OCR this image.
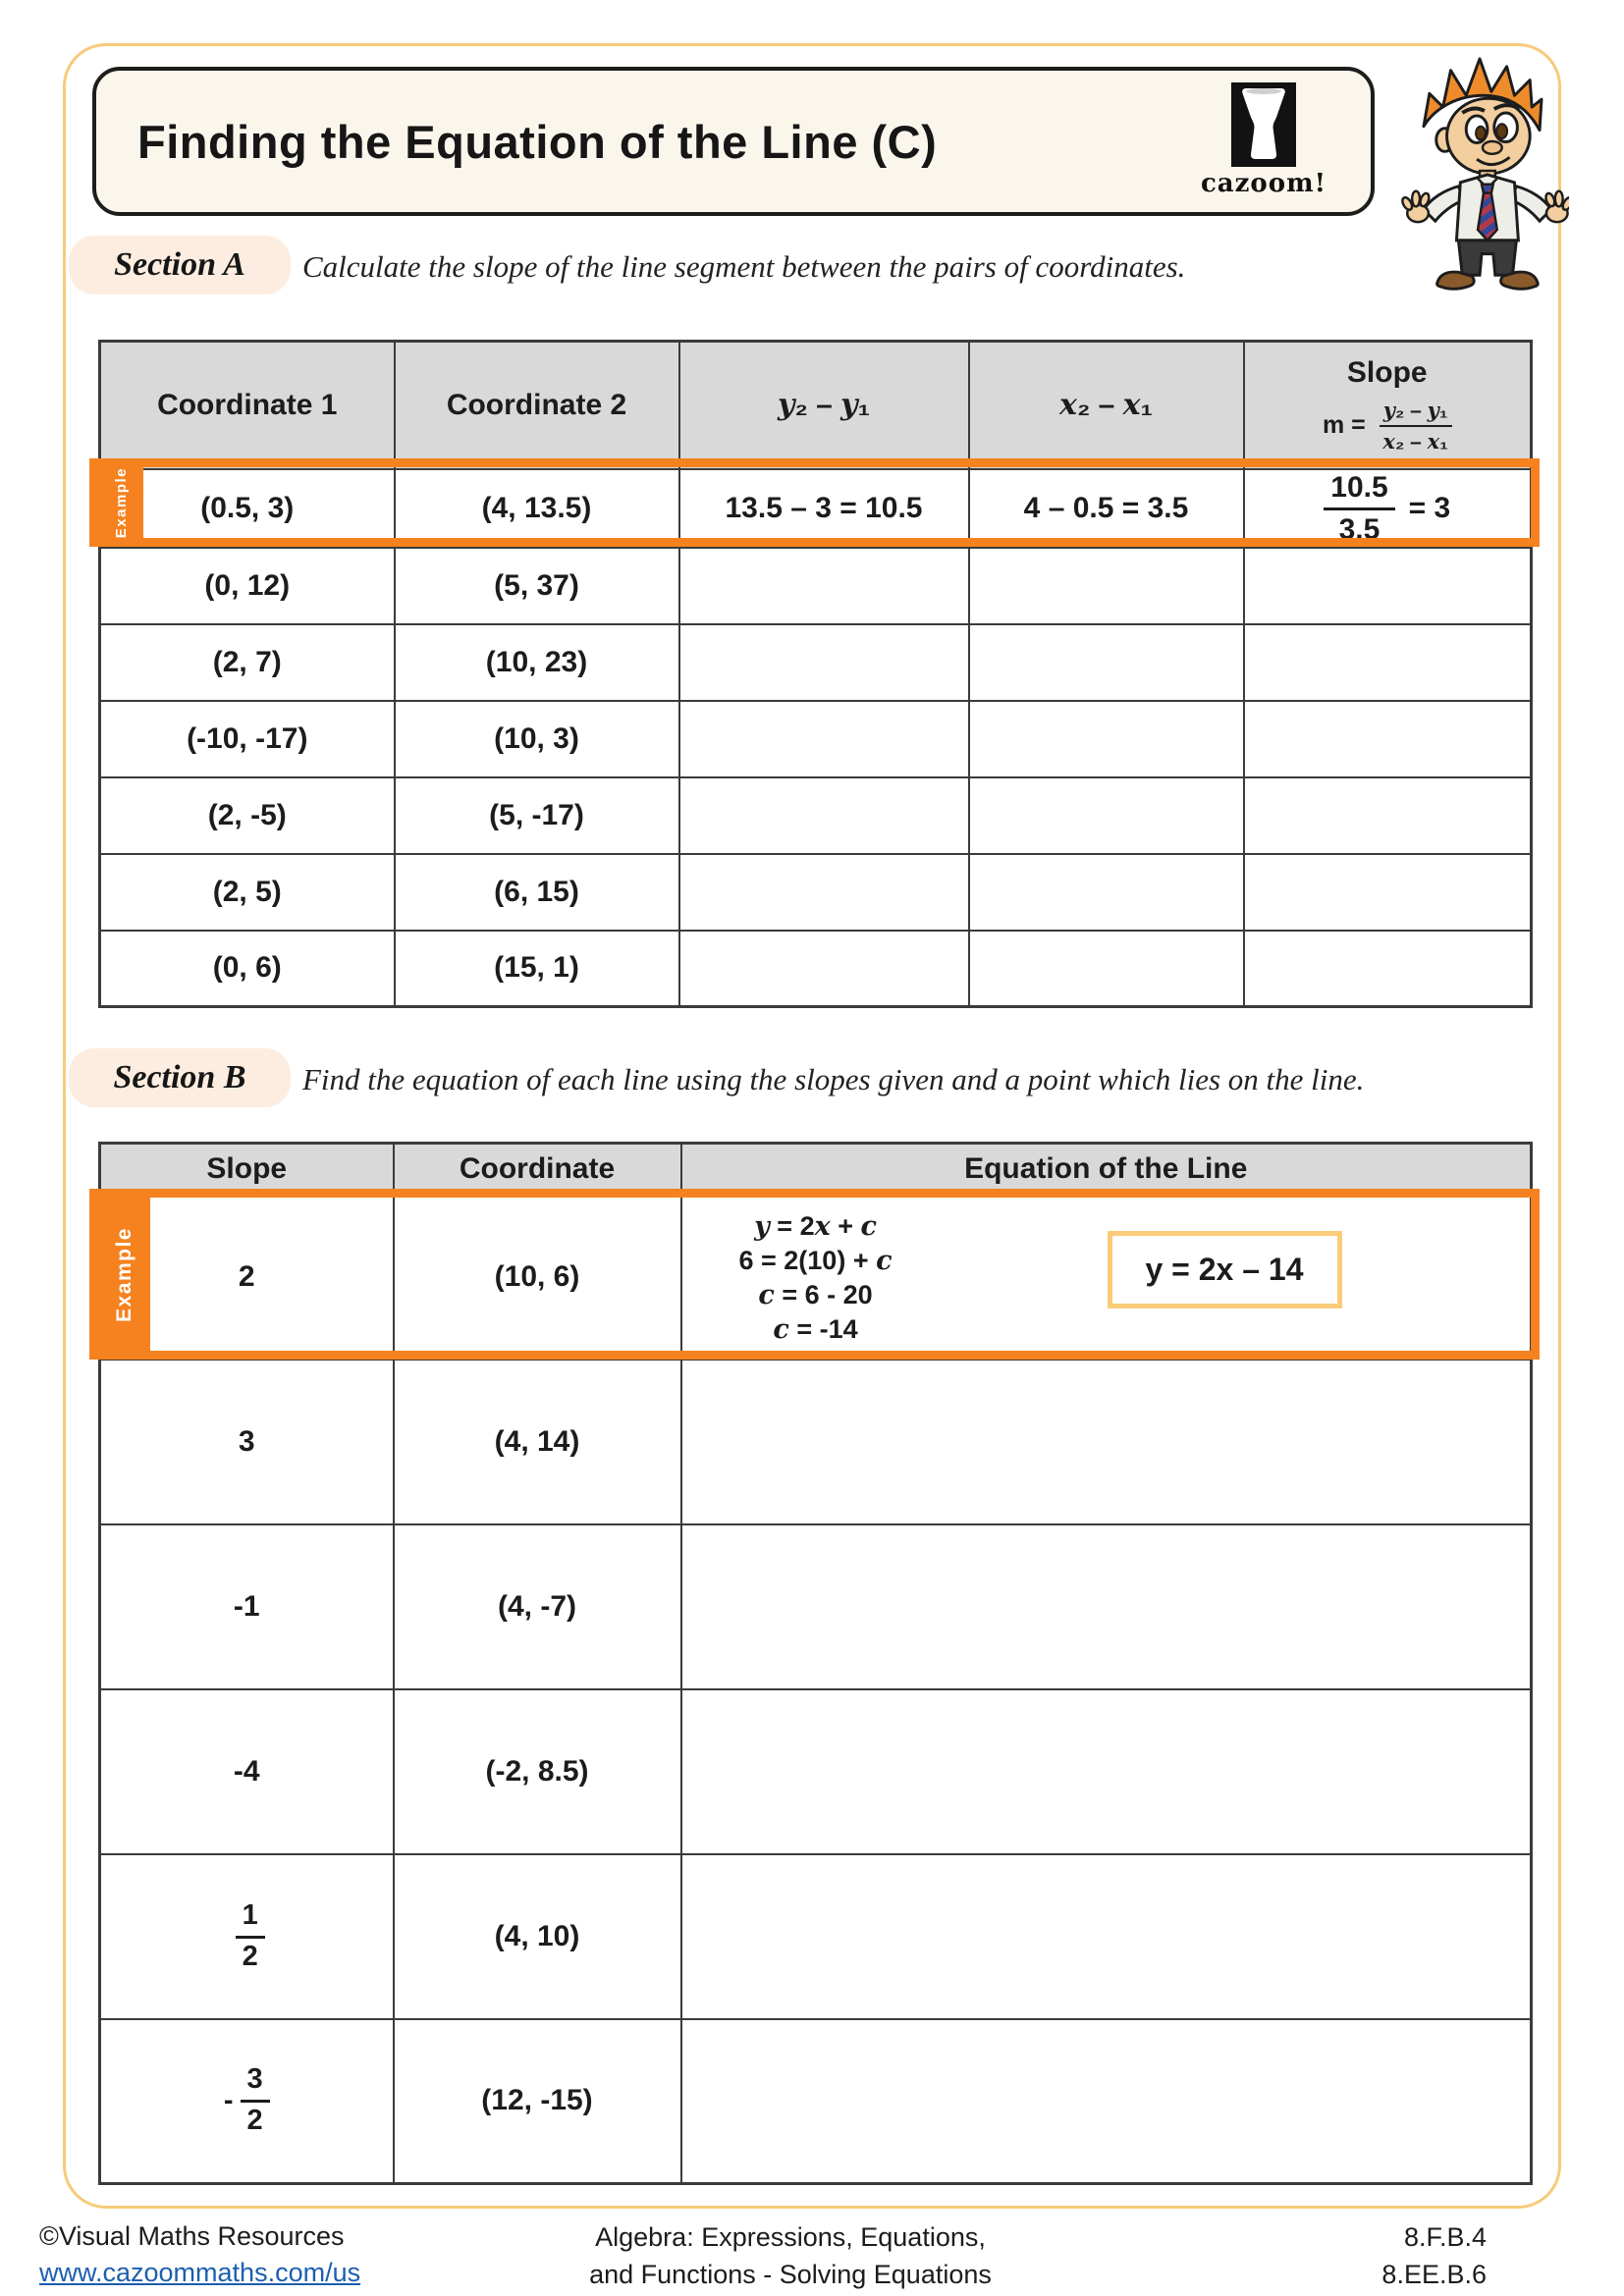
Finding the Equation of the Line (C)
cazoom!
Section A Calculate the slope of the line segment between the pairs of coordinates.
Coordinate 1	Coordinate 2	y₂ – y₁	x₂ – x₁	Slope
$m = \frac{\text{y₂ – y₁}}{\text{x₂ – x₁}}$

(0.5, 3)	(4, 13.5)	13.5 – 3 = 10.5	4 – 0.5 = 3.5	$\frac{10.5}{3.5} = 3$

(0, 12)	(5, 37)			
(2, 7)	(10, 23)			
(-10, -17)	(10, 3)			
(2, -5)	(5, -17)			
(2, 5)	(6, 15)			
(0, 6)	(15, 1)			
Example
Section B Find the equation of each line using the slopes given and a point which lies on the line.
Slope	Coordinate	Equation of the Line
2	(10, 6)	y = 2x + c
6 = 2(10) + c
c = 6 - 20
c = -14
y = 2x – 14

3	(4, 14)	
-1	(4, -7)	
-4	(-2, 8.5)	

$\frac{1}{2}$	(4, 10)	

- $\frac{3}{2}$	(12, -15)	
Example
©Visual Maths Resources
www.cazoommaths.com/us
Algebra: Expressions, Equations,
and Functions - Solving Equations
8.F.B.4
8.EE.B.6
